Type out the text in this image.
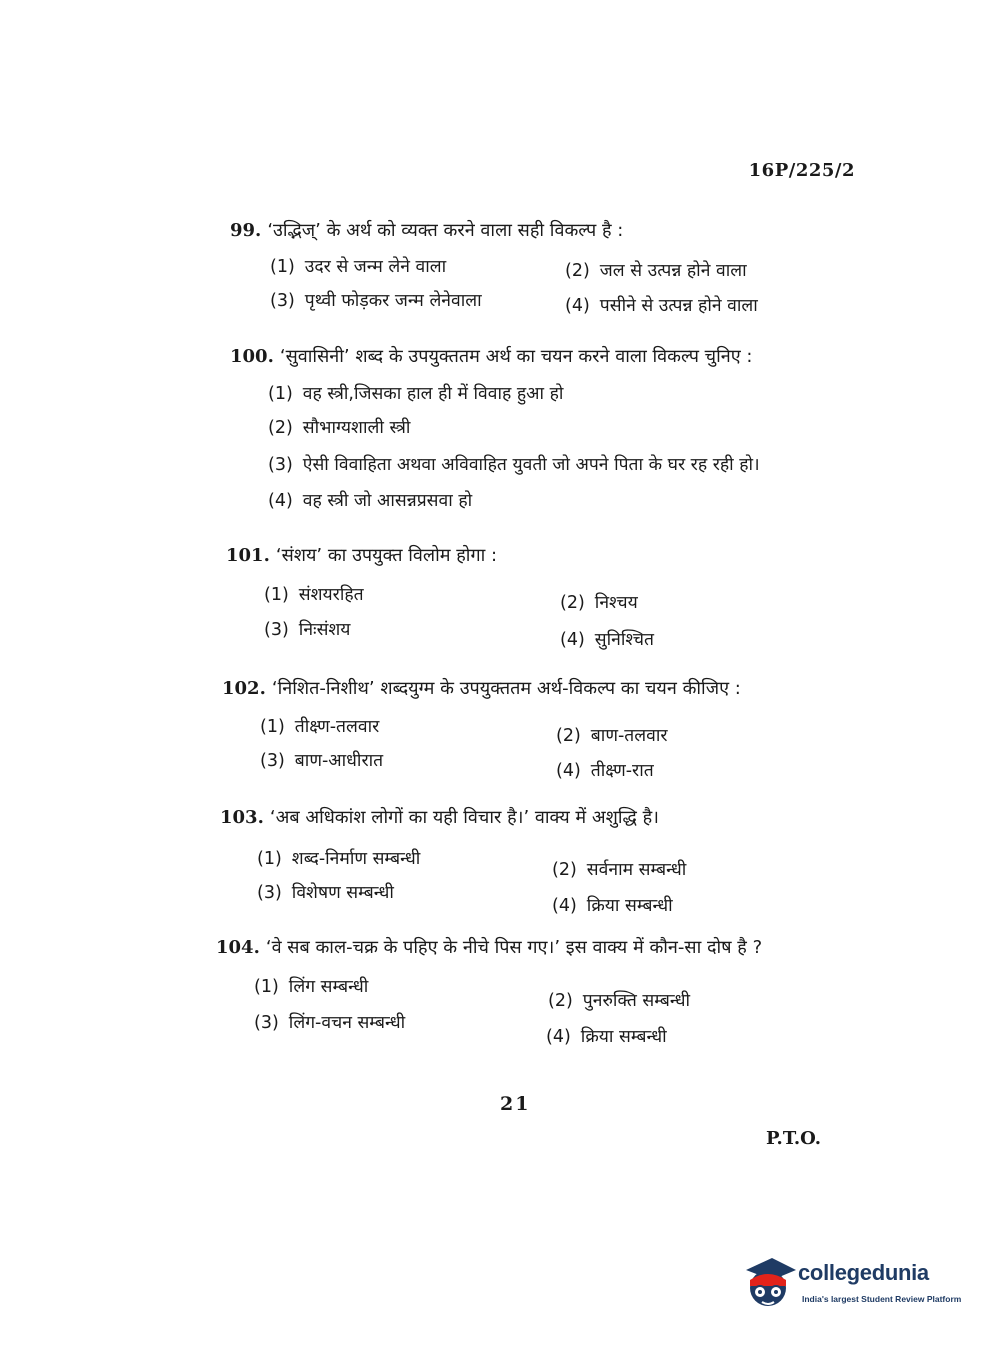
16P/225/2
99. ‘उद्भिज्’ के अर्थ को व्यक्त करने वाला सही विकल्प है :
(1) उदर से जन्म लेने वाला	(2) जल से उत्पन्न होने वाला
(3) पृथ्वी फोड़कर जन्म लेनेवाला	(4) पसीने से उत्पन्न होने वाला
100. ‘सुवासिनी’ शब्द के उपयुक्ततम अर्थ का चयन करने वाला विकल्प चुनिए :
(1) वह स्त्री,जिसका हाल ही में विवाह हुआ हो
(2) सौभाग्यशाली स्त्री
(3) ऐसी विवाहिता अथवा अविवाहित युवती जो अपने पिता के घर रह रही हो।
(4) वह स्त्री जो आसन्नप्रसवा हो
101. ‘संशय’ का उपयुक्त विलोम होगा :
(1) संशयरहित	(2) निश्चय
(3) निःसंशय	(4) सुनिश्चित
102. ‘निशित-निशीथ’ शब्दयुग्म के उपयुक्ततम अर्थ-विकल्प का चयन कीजिए :
(1) तीक्ष्ण-तलवार	(2) बाण-तलवार
(3) बाण-आधीरात	(4) तीक्ष्ण-रात
103. ‘अब अधिकांश लोगों का यही विचार है।’ वाक्य में अशुद्धि है।
(1) शब्द-निर्माण सम्बन्धी
(2) सर्वनाम सम्बन्धी
(3) विशेषण सम्बन्धी
(4) क्रिया सम्बन्धी
104. ‘वे सब काल-चक्र के पहिए के नीचे पिस गए।’ इस वाक्य में कौन-सा दोष है ?
(1) लिंग सम्बन्धी
(2) पुनरुक्ति सम्बन्धी
(3) लिंग-वचन सम्बन्धी
(4) क्रिया सम्बन्धी
21
P.T.O.
collegedunia
India's largest Student Review Platform
